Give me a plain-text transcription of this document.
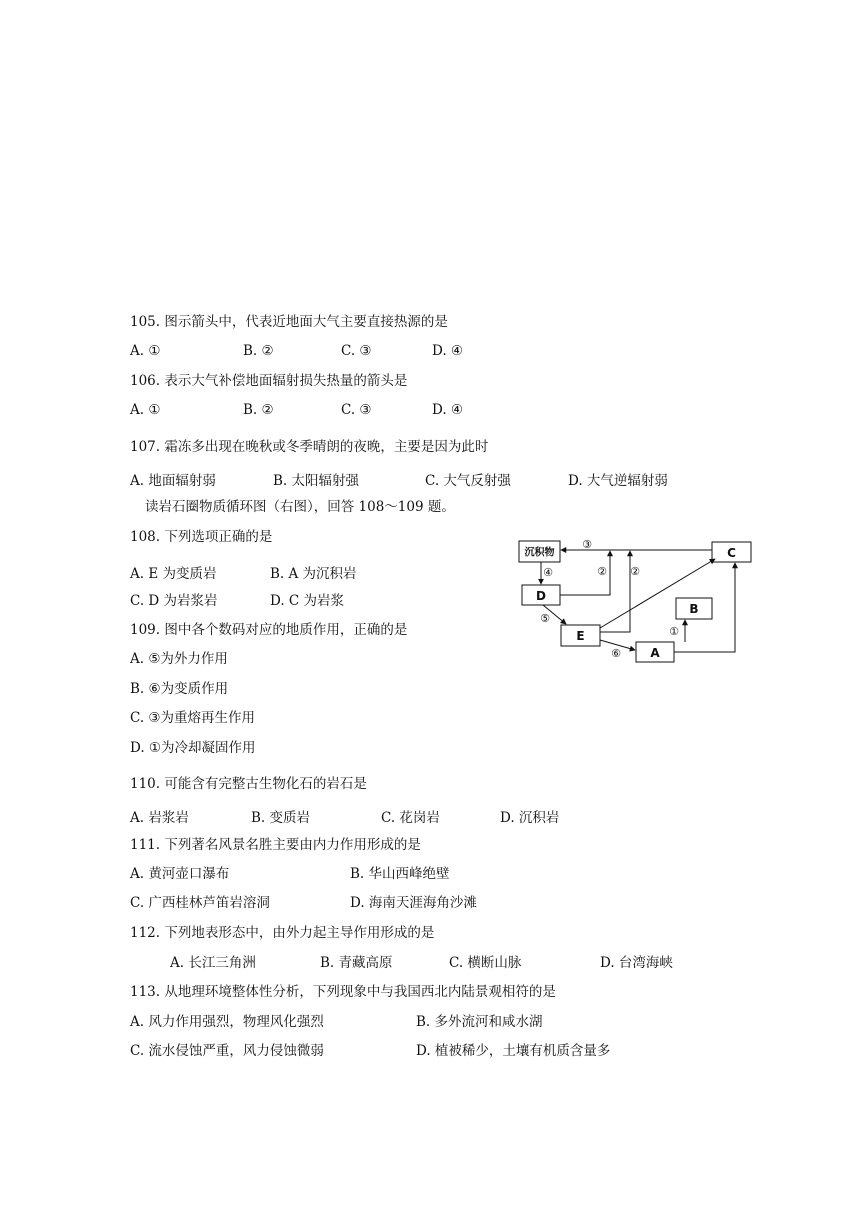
105. 图示箭头中，代表近地面大气主要直接热源的是
A. ①	B. ②	C. ③	D. ④
106. 表示大气补偿地面辐射损失热量的箭头是
A. ①	B. ②	C. ③	D. ④
107. 霜冻多出现在晚秋或冬季晴朗的夜晚，主要是因为此时
A. 地面辐射弱	B. 太阳辐射强	C. 大气反射强	D. 大气逆辐射弱
读岩石圈物质循环图（右图），回答 108～109 题。
108. 下列选项正确的是
A. E 为变质岩	B. A 为沉积岩
C. D 为岩浆岩	D. C 为岩浆
沉积物	C
D
B
E
A
③
④	② ②
⑤
⑥
①
109. 图中各个数码对应的地质作用，正确的是
A. ⑤为外力作用
B. ⑥为变质作用
C. ③为重熔再生作用
D. ①为冷却凝固作用
110. 可能含有完整古生物化石的岩石是
A. 岩浆岩	B. 变质岩	C. 花岗岩	D. 沉积岩
111. 下列著名风景名胜主要由内力作用形成的是
A. 黄河壶口瀑布	B. 华山西峰绝壁
C. 广西桂林芦笛岩溶洞	D. 海南天涯海角沙滩
112. 下列地表形态中，由外力起主导作用形成的是
A. 长江三角洲	B. 青藏高原	C. 横断山脉	D. 台湾海峡
113. 从地理环境整体性分析，下列现象中与我国西北内陆景观相符的是
A. 风力作用强烈，物理风化强烈	B. 多外流河和咸水湖
C. 流水侵蚀严重，风力侵蚀微弱	D. 植被稀少，土壤有机质含量多
